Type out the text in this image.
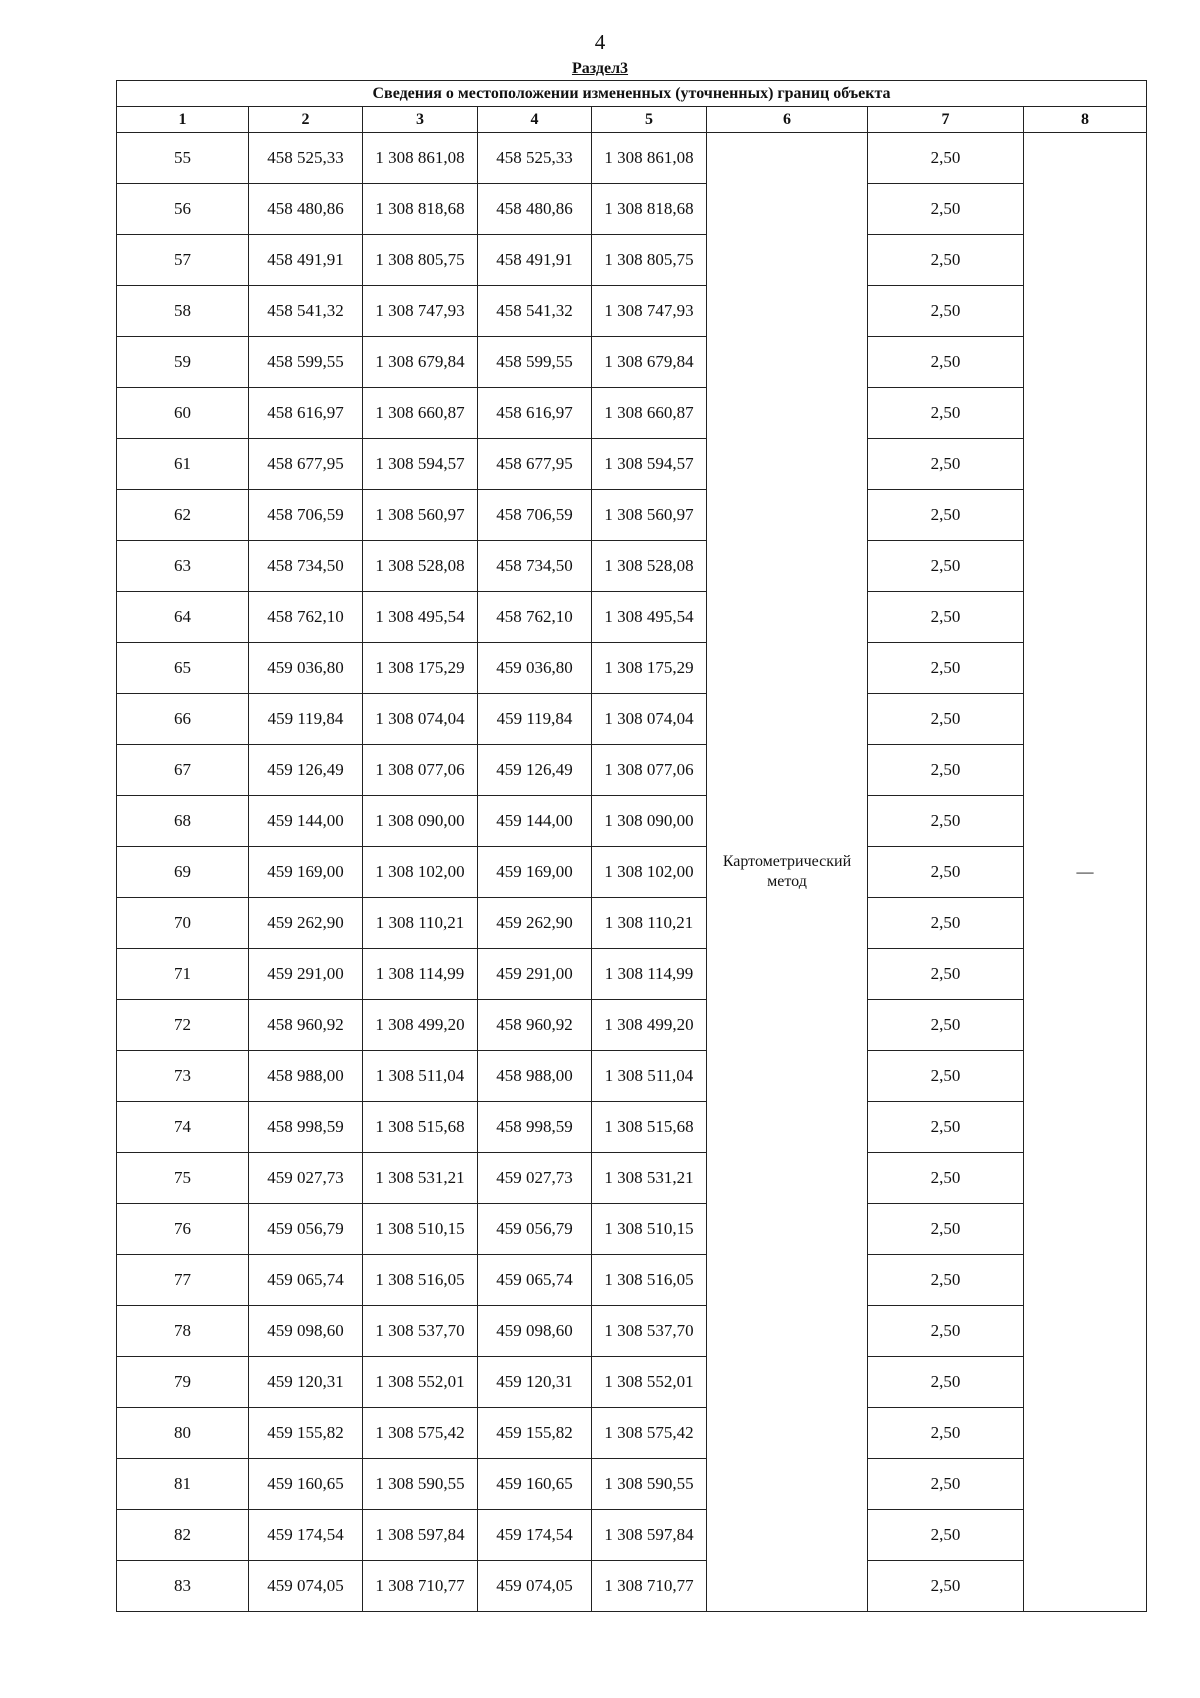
4
Раздел3
Сведения о местоположении измененных (уточненных) границ объекта							
1	2	3	4	5	6	7	8
55	458 525,33	1 308 861,08	458 525,33	1 308 861,08	Картометрический метод	2,50	—
56	458 480,86	1 308 818,68	458 480,86	1 308 818,68		2,50	
57	458 491,91	1 308 805,75	458 491,91	1 308 805,75		2,50	
58	458 541,32	1 308 747,93	458 541,32	1 308 747,93		2,50	
59	458 599,55	1 308 679,84	458 599,55	1 308 679,84		2,50	
60	458 616,97	1 308 660,87	458 616,97	1 308 660,87		2,50	
61	458 677,95	1 308 594,57	458 677,95	1 308 594,57		2,50	
62	458 706,59	1 308 560,97	458 706,59	1 308 560,97		2,50	
63	458 734,50	1 308 528,08	458 734,50	1 308 528,08		2,50	
64	458 762,10	1 308 495,54	458 762,10	1 308 495,54		2,50	
65	459 036,80	1 308 175,29	459 036,80	1 308 175,29		2,50	
66	459 119,84	1 308 074,04	459 119,84	1 308 074,04		2,50	
67	459 126,49	1 308 077,06	459 126,49	1 308 077,06		2,50	
68	459 144,00	1 308 090,00	459 144,00	1 308 090,00		2,50	
69	459 169,00	1 308 102,00	459 169,00	1 308 102,00		2,50	
70	459 262,90	1 308 110,21	459 262,90	1 308 110,21		2,50	
71	459 291,00	1 308 114,99	459 291,00	1 308 114,99		2,50	
72	458 960,92	1 308 499,20	458 960,92	1 308 499,20		2,50	
73	458 988,00	1 308 511,04	458 988,00	1 308 511,04		2,50	
74	458 998,59	1 308 515,68	458 998,59	1 308 515,68		2,50	
75	459 027,73	1 308 531,21	459 027,73	1 308 531,21		2,50	
76	459 056,79	1 308 510,15	459 056,79	1 308 510,15		2,50	
77	459 065,74	1 308 516,05	459 065,74	1 308 516,05		2,50	
78	459 098,60	1 308 537,70	459 098,60	1 308 537,70		2,50	
79	459 120,31	1 308 552,01	459 120,31	1 308 552,01		2,50	
80	459 155,82	1 308 575,42	459 155,82	1 308 575,42		2,50	
81	459 160,65	1 308 590,55	459 160,65	1 308 590,55		2,50	
82	459 174,54	1 308 597,84	459 174,54	1 308 597,84		2,50	
83	459 074,05	1 308 710,77	459 074,05	1 308 710,77		2,50	
